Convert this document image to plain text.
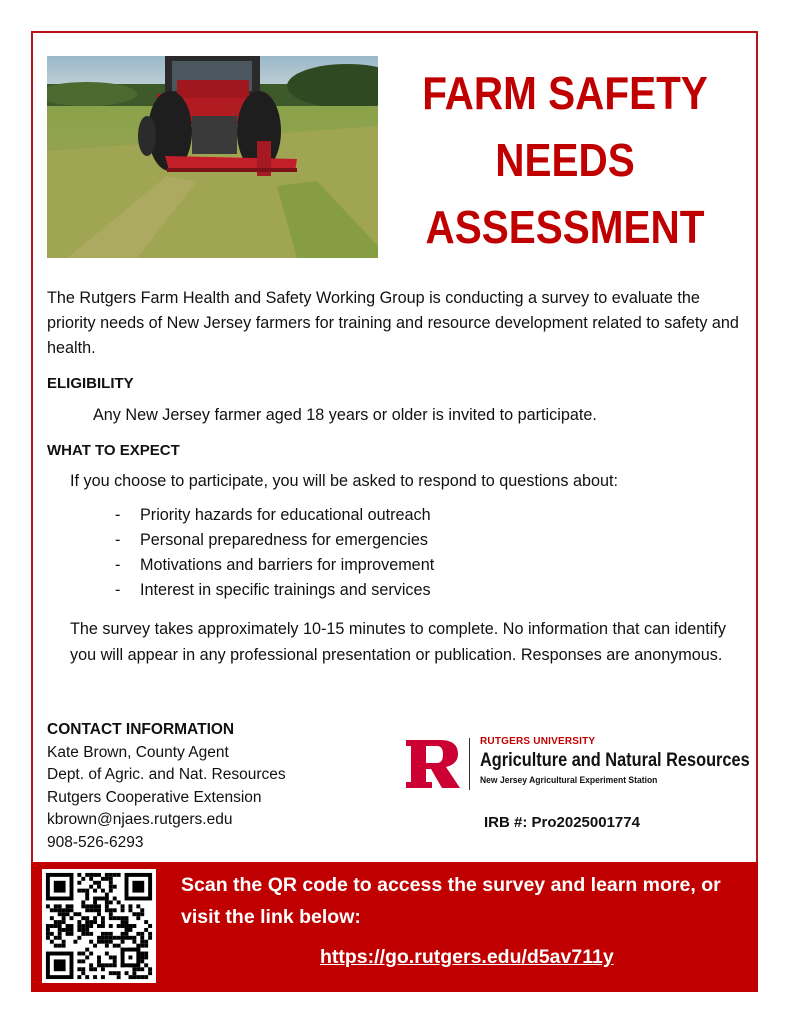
FARM SAFETY
NEEDS
ASSESSMENT
The Rutgers Farm Health and Safety Working Group is conducting a survey to evaluate the priority needs of New Jersey farmers for training and resource development related to safety and health.
ELIGIBILITY
Any New Jersey farmer aged 18 years or older is invited to participate.
WHAT TO EXPECT
If you choose to participate, you will be asked to respond to questions about:
-	Priority hazards for educational outreach
-	Personal preparedness for emergencies
-	Motivations and barriers for improvement
-	Interest in specific trainings and services
The survey takes approximately 10-15 minutes to complete. No information that can identify you will appear in any professional presentation or publication. Responses are anonymous.
CONTACT INFORMATION
Kate Brown, County Agent
Dept. of Agric. and Nat. Resources
Rutgers Cooperative Extension
kbrown@njaes.rutgers.edu
908-526-6293
RUTGERS UNIVERSITY
Agriculture and Natural Resources
New Jersey Agricultural Experiment Station
IRB #: Pro2025001774
Scan the QR code to access the survey and learn more, or visit the link below:
https://go.rutgers.edu/d5av711y
